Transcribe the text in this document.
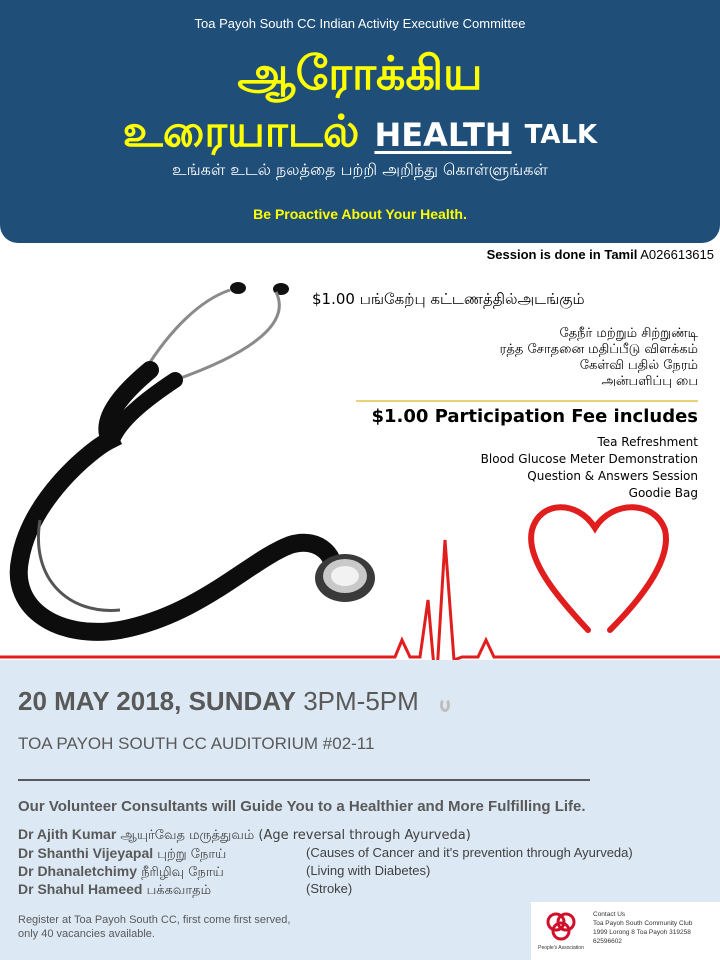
Toa Payoh South CC Indian Activity Executive Committee
ஆரோக்கிய
உரையாடல் HEALTH TALK
உங்கள் உடல் நலத்தை பற்றி அறிந்து கொள்ளுங்கள்
Be Proactive About Your Health.
Session is done in Tamil A026613615
$1.00 பங்கேற்பு கட்டணத்தில்அடங்கும்
தேநீர் மற்றும் சிற்றுண்டி
ரத்த சோதனை மதிப்பீடு விளக்கம்
கேள்வி பதில் நேரம்
அன்பளிப்பு பை
$1.00 Participation Fee includes
Tea Refreshment
Blood Glucose Meter Demonstration
Question & Answers Session
Goodie Bag
20 MAY 2018, SUNDAY 3PM-5PM
TOA PAYOH SOUTH CC AUDITORIUM #02-11
Our Volunteer Consultants will Guide You to a Healthier and More Fulfilling Life.
Dr Ajith Kumar ஆயுர்வேத மருத்துவம் (Age reversal through Ayurveda)
Dr Shanthi Vijeyapal புற்று நோய்	(Causes of Cancer and it's prevention through Ayurveda)
Dr Dhanaletchimy நீரிழிவு நோய்	(Living with Diabetes)
Dr Shahul Hameed பக்கவாதம்	(Stroke)
Register at Toa Payoh South CC, first come first served,
only 40 vacancies available.
People's Association
Contact Us
Toa Payoh South Community Club
1999 Lorong 8 Toa Payoh 319258
62596602
